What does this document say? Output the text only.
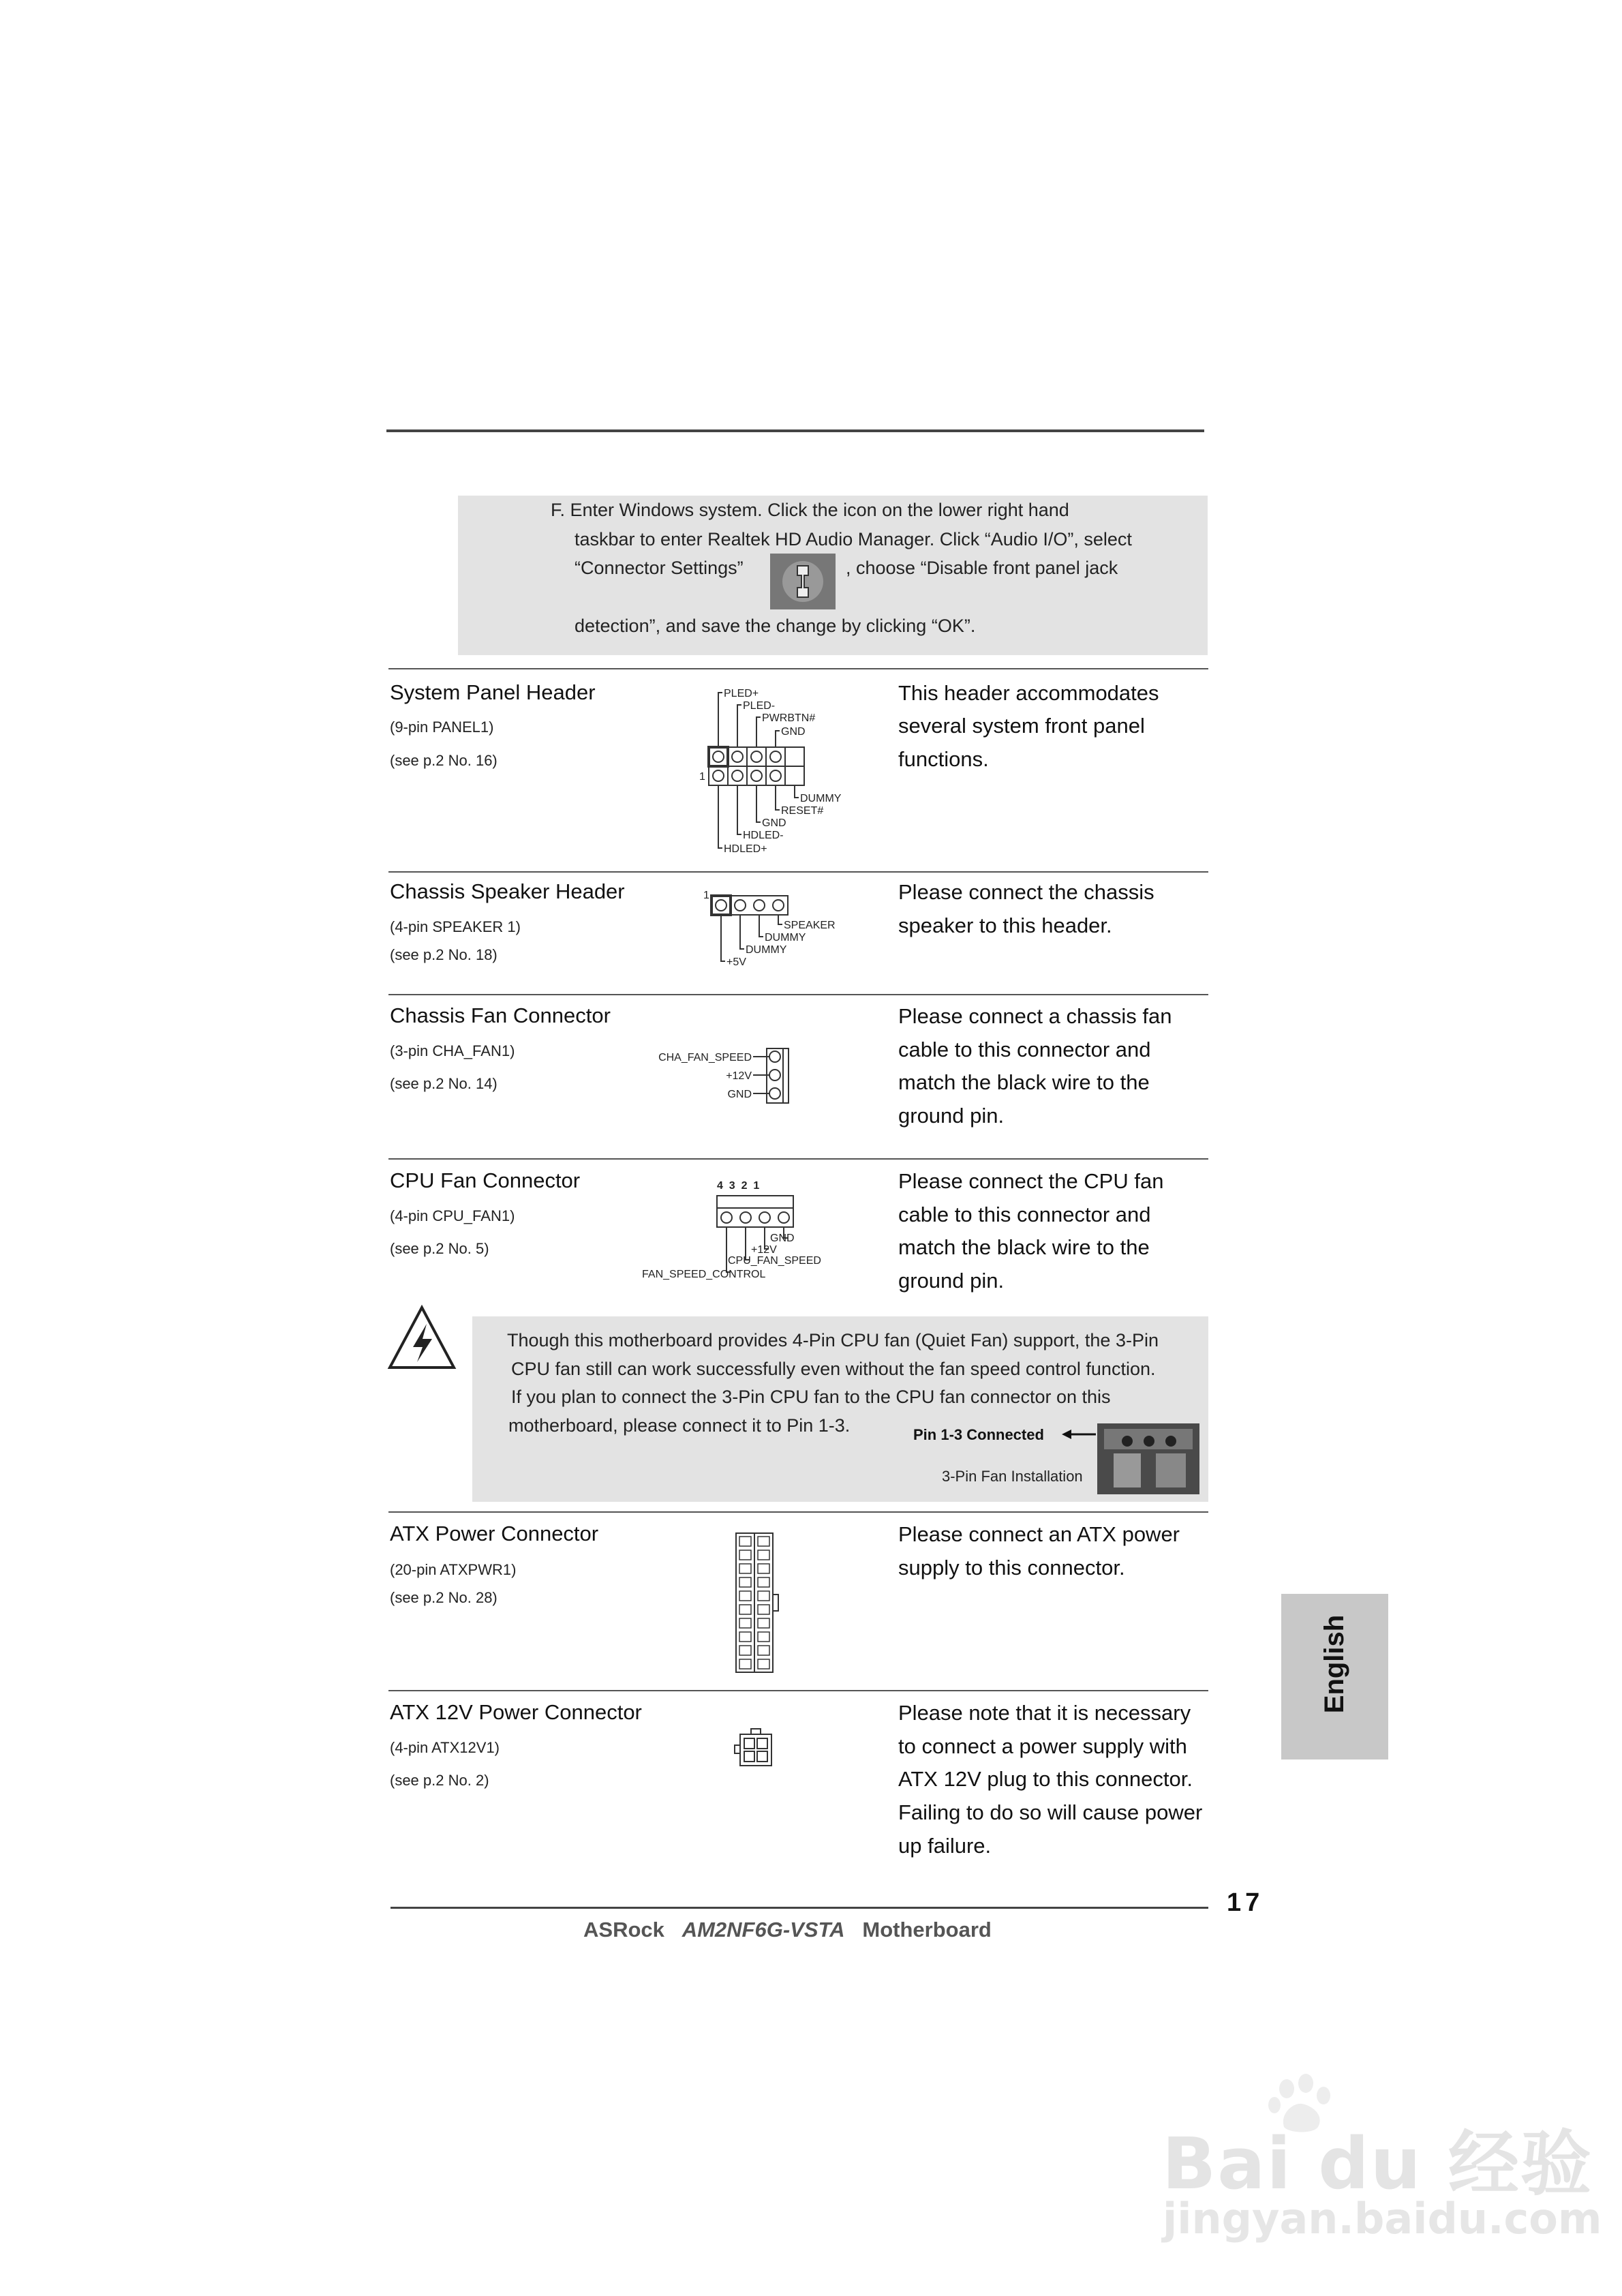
F. Enter Windows system. Click the icon on the lower right hand
taskbar to enter Realtek HD Audio Manager. Click “Audio I/O”, select
“Connector Settings”	, choose “Disable front panel jack
detection”, and save the change by clicking “OK”.
System Panel Header
(9-pin PANEL1)
(see p.2 No. 16)
This header accommodates
several system front panel
functions.
PLED+
PLED-
PWRBTN#
GND
DUMMY
RESET#
GND
HDLED-
HDLED+
1
Chassis Speaker Header
(4-pin SPEAKER 1)
(see p.2 No. 18)
Please connect the chassis
speaker to this header.
1
SPEAKER
DUMMY
DUMMY
+5V
Chassis Fan Connector
(3-pin CHA_FAN1)
(see p.2 No. 14)
Please connect a chassis fan
cable to this connector and
match the black wire to the
ground pin.
CHA_FAN_SPEED
+12V
GND
CPU Fan Connector
(4-pin CPU_FAN1)
(see p.2 No. 5)
Please connect the CPU fan
cable to this connector and
match the black wire to the
ground pin.
4  3  2  1
GND
+12V
CPU_FAN_SPEED
FAN_SPEED_CONTROL
Though this motherboard provides 4-Pin CPU fan (Quiet Fan) support, the 3-Pin
CPU fan still can work successfully even without the fan speed control function.
If you plan to connect the 3-Pin CPU fan to the CPU fan connector on this
motherboard, please connect it to Pin 1-3.	Pin 1-3 Connected
3-Pin Fan Installation
ATX Power Connector
(20-pin ATXPWR1)
(see p.2 No. 28)
Please connect an ATX power
supply to this connector.
ATX 12V Power Connector
(4-pin ATX12V1)
(see p.2 No. 2)
Please note that it is necessary
to connect a power supply with
ATX 12V plug to this connector.
Failing to do so will cause power
up failure.
English
17
ASRock AM2NF6G-VSTA Motherboard
Bai du 经验
jingyan.baidu.com
